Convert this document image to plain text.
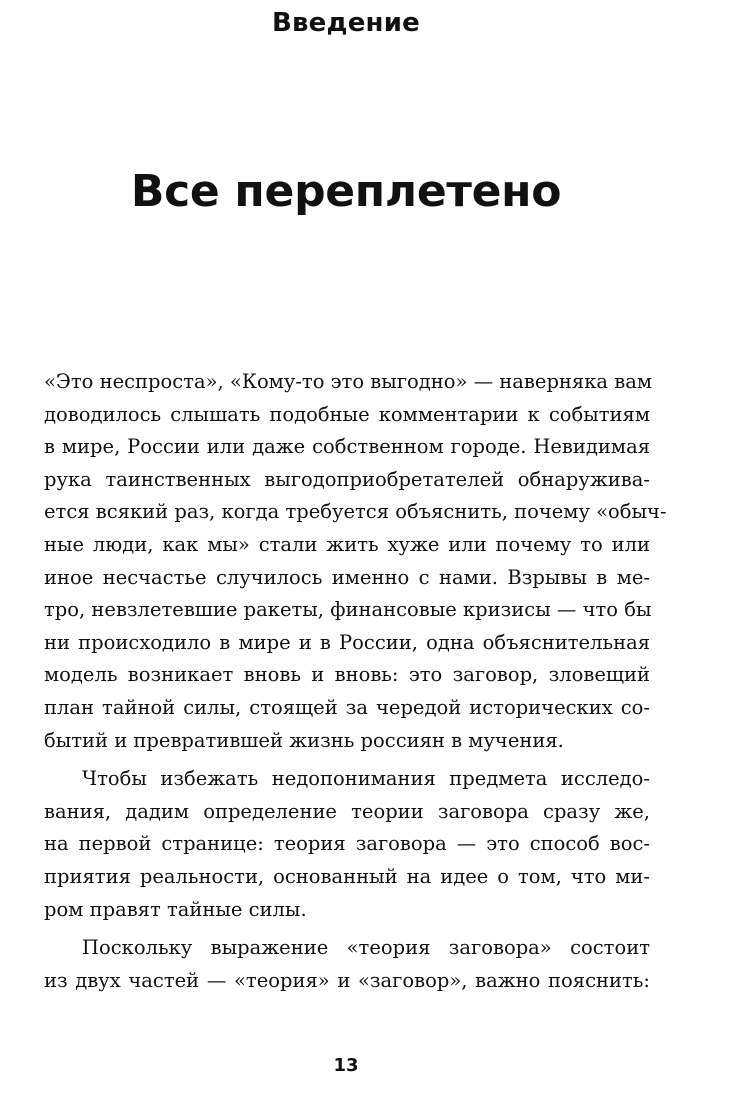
Введение
Все переплетено
«Это неспроста», «Кому-то это выгодно» — наверняка вам
доводилось слышать подобные комментарии к событиям
в мире, России или даже собственном городе. Невидимая
рука таинственных выгодоприобретателей обнаружива-
ется всякий раз, когда требуется объяснить, почему «обыч-
ные люди, как мы» стали жить хуже или почему то или
иное несчастье случилось именно с нами. Взрывы в ме-
тро, невзлетевшие ракеты, финансовые кризисы — что бы
ни происходило в мире и в России, одна объяснительная
модель возникает вновь и вновь: это заговор, зловещий
план тайной силы, стоящей за чередой исторических со-
бытий и превратившей жизнь россиян в мучения.
Чтобы избежать недопонимания предмета исследо-
вания, дадим определение теории заговора сразу же,
на первой странице: теория заговора — это способ вос-
приятия реальности, основанный на идее о том, что ми-
ром правят тайные силы.
Поскольку выражение «теория заговора» состоит
из двух частей — «теория» и «заговор», важно пояснить:
13
